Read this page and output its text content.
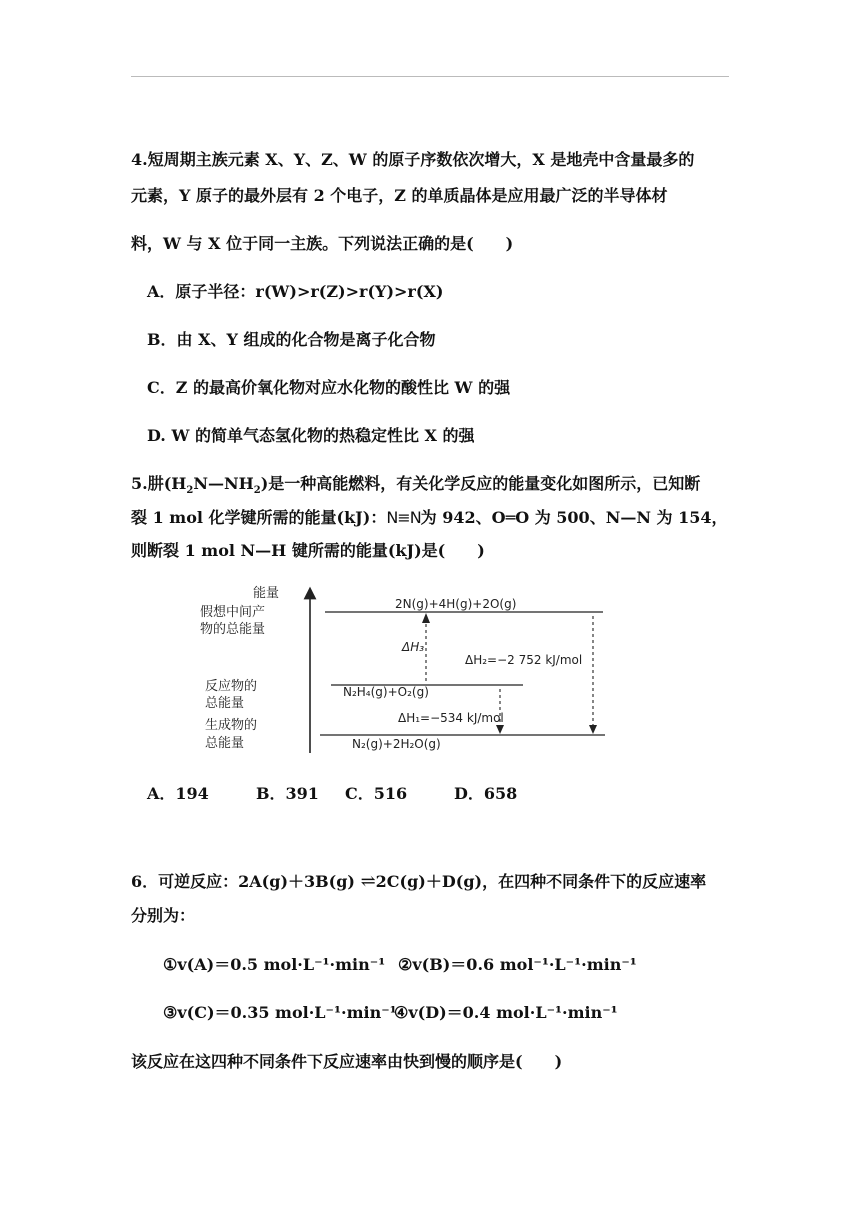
4.短周期主族元素 X、Y、Z、W 的原子序数依次增大，X 是地壳中含量最多的
元素，Y 原子的最外层有 2 个电子，Z 的单质晶体是应用最广泛的半导体材
料，W 与 X 位于同一主族。下列说法正确的是(　　)
A．原子半径：r(W)>r(Z)>r(Y)>r(X)
B．由 X、Y 组成的化合物是离子化合物
C．Z 的最高价氧化物对应水化物的酸性比 W 的强
D. W 的简单气态氢化物的热稳定性比 X 的强
5.肼$(H_2N—NH_2)$是一种高能燃料，有关化学反应的能量变化如图所示，已知断
裂 1 mol 化学键所需的能量(kJ)：N≡N为 942、O═O 为 500、N—N 为 154，
则断裂 1 mol N—H 键所需的能量(kJ)是(　　)
能量
假想中间产
物的总能量
反应物的
总能量
生成物的
总能量
2N(g)+4H(g)+2O(g)
N₂H₄(g)+O₂(g)
N₂(g)+2H₂O(g)
ΔH₃
ΔH₂=−2 752 kJ/mol
ΔH₁=−534 kJ/mol
A．194	B．391 C．516	D．658
6．可逆反应：2A(g)＋3B(g) ⇌2C(g)＋D(g)，在四种不同条件下的反应速率
分别为：
①v(A)＝0.5 mol·L⁻¹·min⁻¹ ②v(B)＝0.6 mol⁻¹·L⁻¹·min⁻¹
③v(C)＝0.35 mol·L⁻¹·min⁻¹
④v(D)＝0.4 mol·L⁻¹·min⁻¹
该反应在这四种不同条件下反应速率由快到慢的顺序是(　　)
